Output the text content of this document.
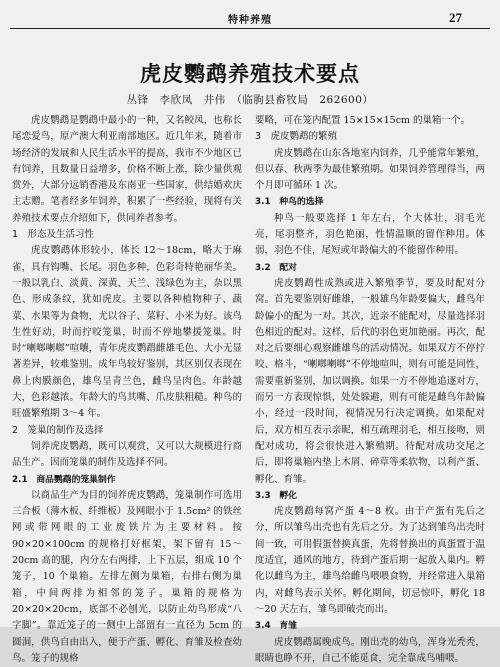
特种养殖	27
虎皮鹦鹉养殖技术要点
丛锋　李欣凤　井伟　（临朐县畜牧局　262600）

虎皮鹦鹉是鹦鹉中最小的一种，又名鲛凤，也称长尾恋爱鸟，原产澳大利亚南部地区。近几年来，随着市场经济的发展和人民生活水平的提高，我市不少地区已有饲养，且数量日益增多，价格不断上涨，除少量供观赏外，大部分远销香港及东南亚一些国家，供结婚欢庆主志赠。笔者经多年饲养，积累了一些经验，现将有关养殖技术要点介绍如下，供同养者参考。

1　形态及生活习性

虎皮鹦鹉体形较小，体长 12～18cm，略大于麻雀，具有钩嘴、长尾。羽色多种，色彩奇特艳丽华美。一般以乳白、淡黄、深黄、天兰、浅绿色为主，杂以黑色、形成条纹，犹如虎皮。主要以各种植物种子、蔬菜、水果等为食物，尤以谷子、菜籽、小米为好。该鸟生性好动，时而拧咬笼巢，时而不停地攀援笼巢。时时“喇啷喇啷”喧嚷，青年虎皮鹦鹉雌雄毛色、大小无显著差异，较难鉴别。成年鸟较好鉴别，其区别仅表现在鼻上肉膜颜色，雄鸟呈青兰色，雌鸟呈肉色。年龄越大，色彩越浓。年龄大的鸟其嘴、爪皮肤粗糙。种鸟的旺盛繁殖期 3～4 年。

2　笼巢的制作及选择

饲养虎皮鹦鹉，既可以观赏，又可以大规模进行商品生产。因而笼巢的制作及选择不同。

2.1　商品鹦鹉的笼巢制作

以商品生产为目的饲养虎皮鹦鹉，笼巢制作可选用三合板（薄木板、纤维板）及网眼小于 1.5cm² 的铁丝网或带网眼的工业废铁片为主要材料。按 90×20×100cm 的规格打好框架，架下留有 15～20cm 高的腿，内分左右两排，上下五层，组成 10 个笼子，10 个巢箱。左排左侧为巢箱，右排右侧为巢箱，中间两排为相邻的笼子。巢箱的规格为 20×20×20cm，底部不必刨光，以防止幼鸟形成“八字脚”。靠近笼子的一侧中上部留有一直径为 5cm 的圆洞，供鸟自由出入，便于产蛋、孵化、育雏及检查幼鸟。笼子的规格

要略，可在笼内配置 15×15×15cm 的巢箱一个。

3　虎皮鹦鹉的繁殖

虎皮鹦鹉在山东各地室内饲养，几乎能常年繁殖，但以春、秋两季为最佳繁殖期。如果饲养管理得当，两个月即可循环 1 次。

3.1　种鸟的选择

种鸟一般要选择 1 年左右，个大体壮，羽毛光亮，尾羽整齐，羽色艳丽，性情温顺的留作种用。体弱，羽色不佳，尾短或年龄偏大的不能留作种用。

3.2　配对

虎皮鹦鹉性成熟或进入繁殖季节，要及时配对分窝。首先要鉴别好雌雄，一般雄鸟年龄要偏大，雌鸟年龄偏小的配为一对。其次，近亲不能配对，尽量选择羽色相近的配对。这样，后代的羽色更加艳丽。再次，配对之后要细心观察雌雄鸟的活动情况。如果双方不停拧咬、格斗，“喇啷喇啷”不停地喧叫，则有可能是同性，需要重新鉴别，加以调换。如果一方不停地追逐对方，而另一方表现惊惧，处处躲避，则有可能是雌鸟年龄偏小，经过一段时间，视情况另行决定调换。如果配对后，双方相互表示亲昵，相互疏理羽毛，相互接吻，则配对成功，将会很快进入繁殖期。待配对成功交尾之后，即将巢箱内垫上木屑、碎草等柔软物，以利产蛋、孵化、育雏。

3.3　孵化

虎皮鹦鹉每窝产蛋 4～8 枚。由于产蛋有先后之分，所以雏鸟出壳也有先后之分。为了达到雏鸟出壳时间一致，可用假蛋替换真蛋，先将替换出的真蛋置于温度适宜，通风的地方，待到产蛋后期一起放入巢内。孵化以雌鸟为主，雄鸟给雌鸟喂喂食物，并经常进入巢箱内，对雌鸟表示关怀。孵化期间，切忌惊吓，孵化 18～20 天左右，雏鸟即破壳而出。

3.4　育雏

虎皮鹦鹉属晚成鸟。刚出壳的幼鸟，浑身光秃秃，眼睛也睁不开，自己不能觅食，完全靠成鸟哺喂。
